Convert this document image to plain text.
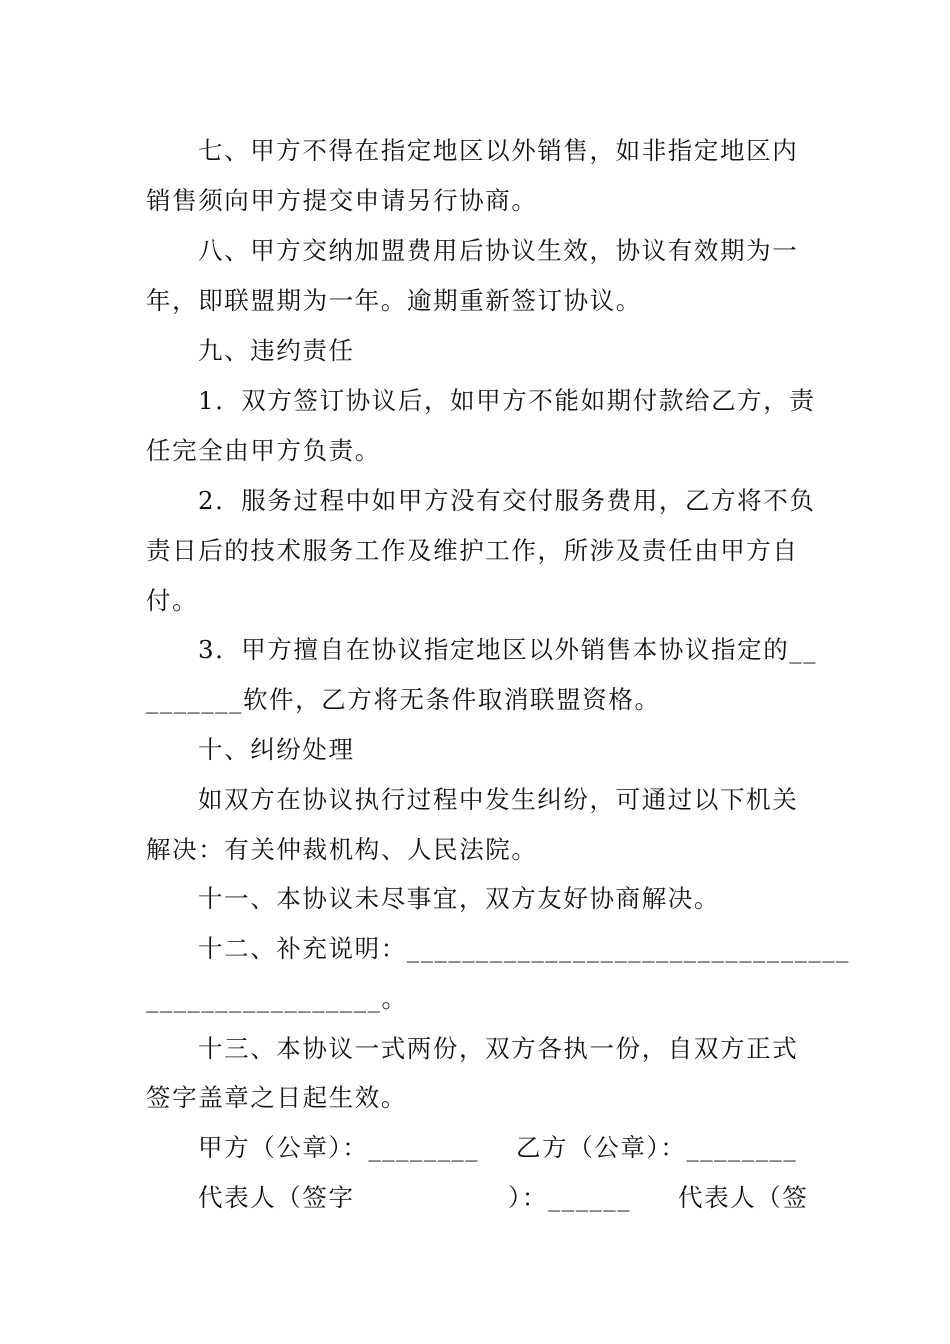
七、甲方不得在指定地区以外销售，如非指定地区内
销售须向甲方提交申请另行协商。
八、甲方交纳加盟费用后协议生效，协议有效期为一
年，即联盟期为一年。逾期重新签订协议。
九、违约责任
1．双方签订协议后，如甲方不能如期付款给乙方，责
任完全由甲方负责。
2．服务过程中如甲方没有交付服务费用，乙方将不负
责日后的技术服务工作及维护工作，所涉及责任由甲方自
付。
3．甲方擅自在协议指定地区以外销售本协议指定的__
_______软件，乙方将无条件取消联盟资格。
十、纠纷处理
如双方在协议执行过程中发生纠纷，可通过以下机关
解决：有关仲裁机构、人民法院。
十一、本协议未尽事宜，双方友好协商解决。
十二、补充说明：________________________________
_________________。
十三、本协议一式两份，双方各执一份，自双方正式
签字盖章之日起生效。
甲方（公章）：________ 乙方（公章）：________
代表人（签字	）：______ 代表人（签
